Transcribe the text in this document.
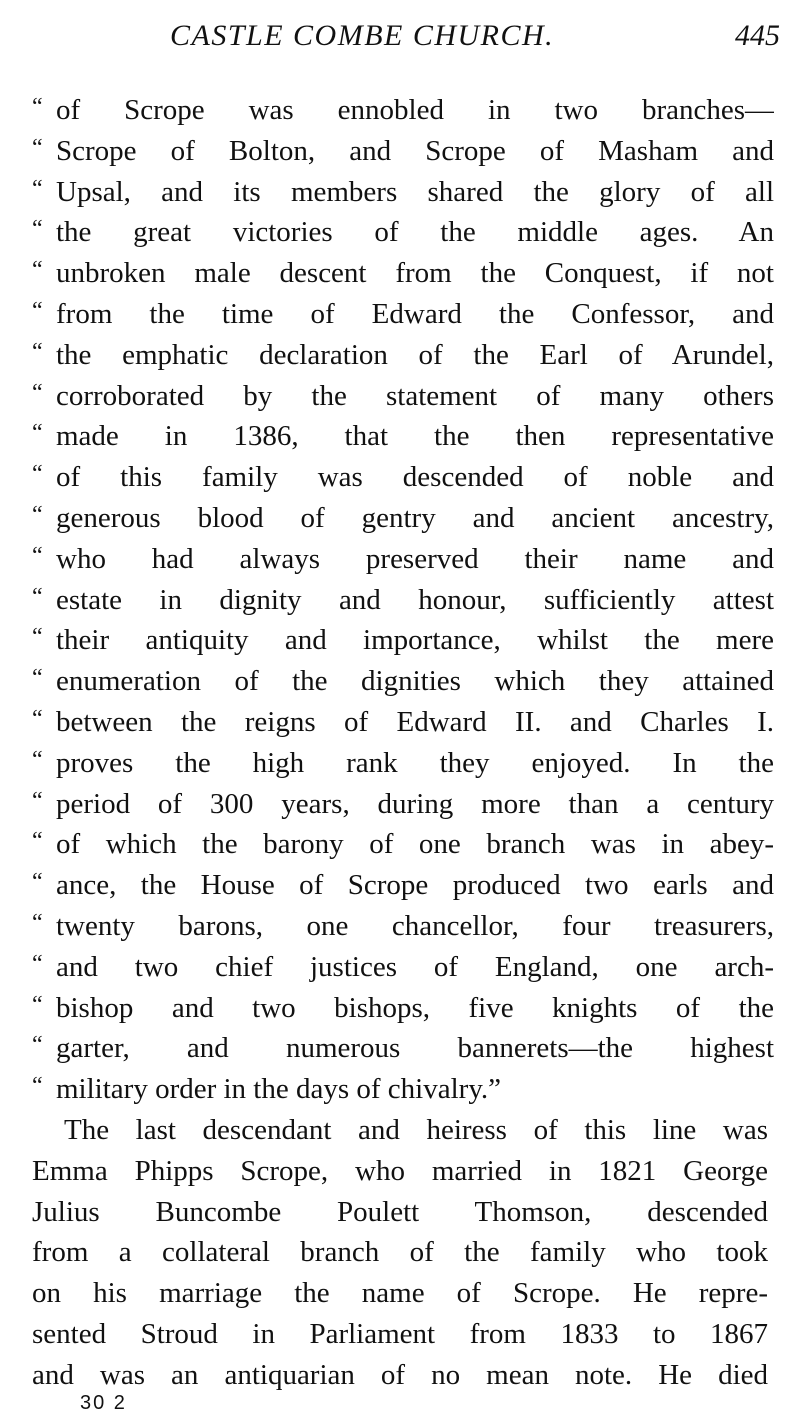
CASTLE COMBE CHURCH.	445
“ of Scrope was ennobled in two branches—
“ Scrope of Bolton, and Scrope of Masham and
“ Upsal, and its members shared the glory of all
“ the great victories of the middle ages. An
“ unbroken male descent from the Conquest, if not
“ from the time of Edward the Confessor, and
“ the emphatic declaration of the Earl of Arundel,
“ corroborated by the statement of many others
“ made in 1386, that the then representative
“ of this family was descended of noble and
“ generous blood of gentry and ancient ancestry,
“ who had always preserved their name and
“ estate in dignity and honour, sufficiently attest
“ their antiquity and importance, whilst the mere
“ enumeration of the dignities which they attained
“ between the reigns of Edward II. and Charles I.
“ proves the high rank they enjoyed. In the
“ period of 300 years, during more than a century
“ of which the barony of one branch was in abey-
“ ance, the House of Scrope produced two earls and
“ twenty barons, one chancellor, four treasurers,
“ and two chief justices of England, one arch-
“ bishop and two bishops, five knights of the
“ garter, and numerous bannerets—the highest
“ military order in the days of chivalry.”
The last descendant and heiress of this line was
Emma Phipps Scrope, who married in 1821 George
Julius Buncombe Poulett Thomson, descended
from a collateral branch of the family who took
on his marriage the name of Scrope. He repre-
sented Stroud in Parliament from 1833 to 1867
and was an antiquarian of no mean note. He died
30 2
